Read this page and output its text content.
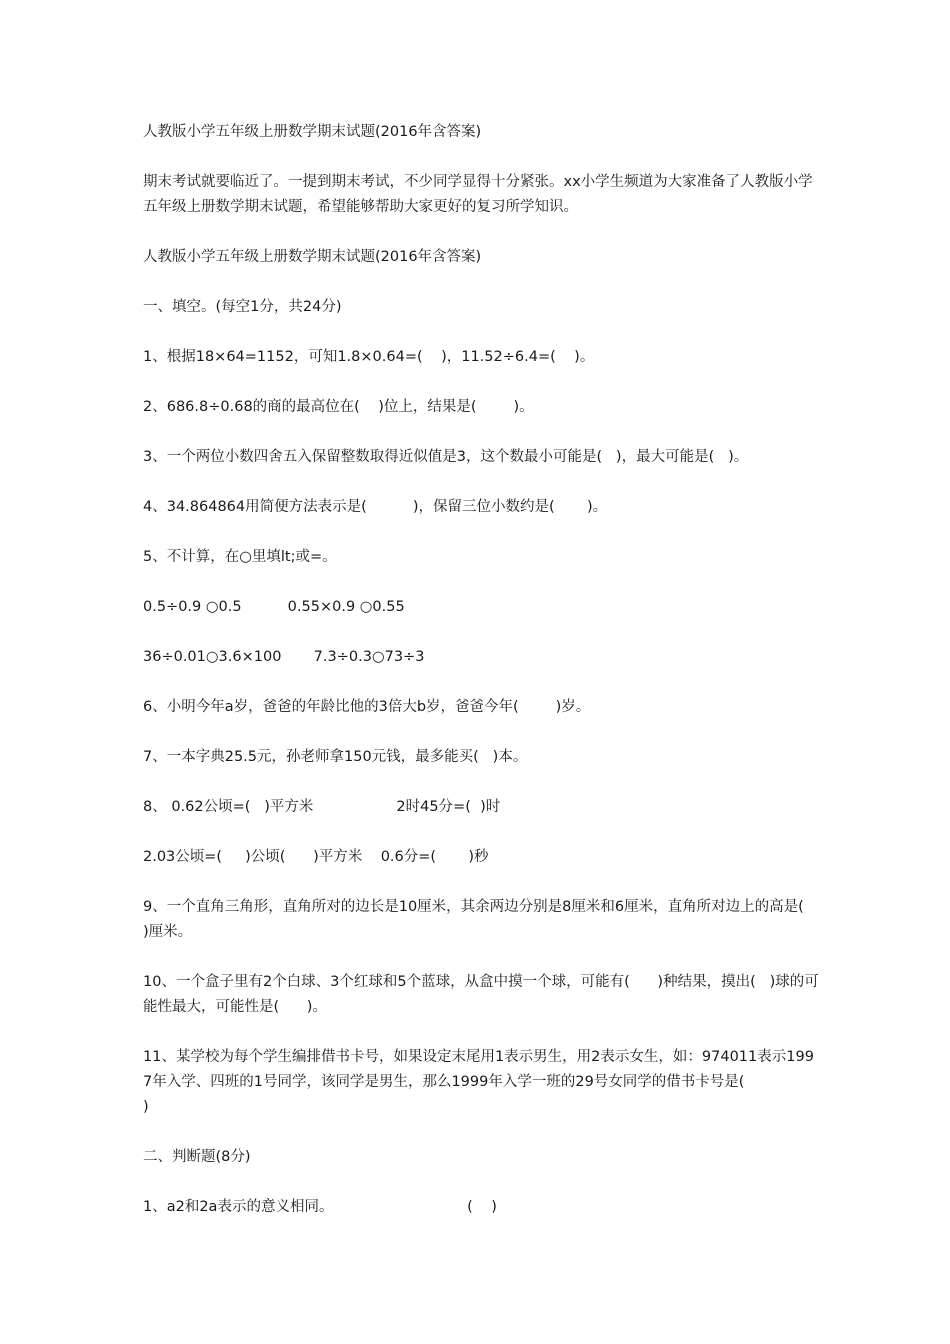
人教版小学五年级上册数学期末试题(2016年含答案)

期末考试就要临近了。一提到期末考试，不少同学显得十分紧张。xx小学生频道为大家准备了人教版小学五年级上册数学期末试题，希望能够帮助大家更好的复习所学知识。

人教版小学五年级上册数学期末试题(2016年含答案)

一、填空。(每空1分，共24分)

1、根据18×64=1152，可知1.8×0.64=(    )，11.52÷6.4=(    )。

2、686.8÷0.68的商的最高位在(    )位上，结果是(        )。

3、一个两位小数四舍五入保留整数取得近似值是3，这个数最小可能是(   )，最大可能是(   )。

4、34.864864用简便方法表示是(          )，保留三位小数约是(       )。

5、不计算，在○里填lt;或=。

0.5÷0.9 ○0.5          0.55×0.9 ○0.55

36÷0.01○3.6×100       7.3÷0.3○73÷3

6、小明今年a岁，爸爸的年龄比他的3倍大b岁，爸爸今年(        )岁。

7、一本字典25.5元，孙老师拿150元钱，最多能买(   )本。

8、 0.62公顷=(   )平方米                  2时45分=(  )时

2.03公顷=(     )公顷(      )平方米    0.6分=(       )秒

9、一个直角三角形，直角所对的边长是10厘米，其余两边分别是8厘米和6厘米，直角所对边上的高是(      )厘米。

10、一个盒子里有2个白球、3个红球和5个蓝球，从盒中摸一个球，可能有(      )种结果，摸出(   )球的可能性最大，可能性是(      )。

11、某学校为每个学生编排借书卡号，如果设定末尾用1表示男生，用2表示女生，如：974011表示1997年入学、四班的1号同学，该同学是男生，那么1999年入学一班的29号女同学的借书卡号是(                 )

二、判断题(8分)

1、a2和2a表示的意义相同。                             (    )
